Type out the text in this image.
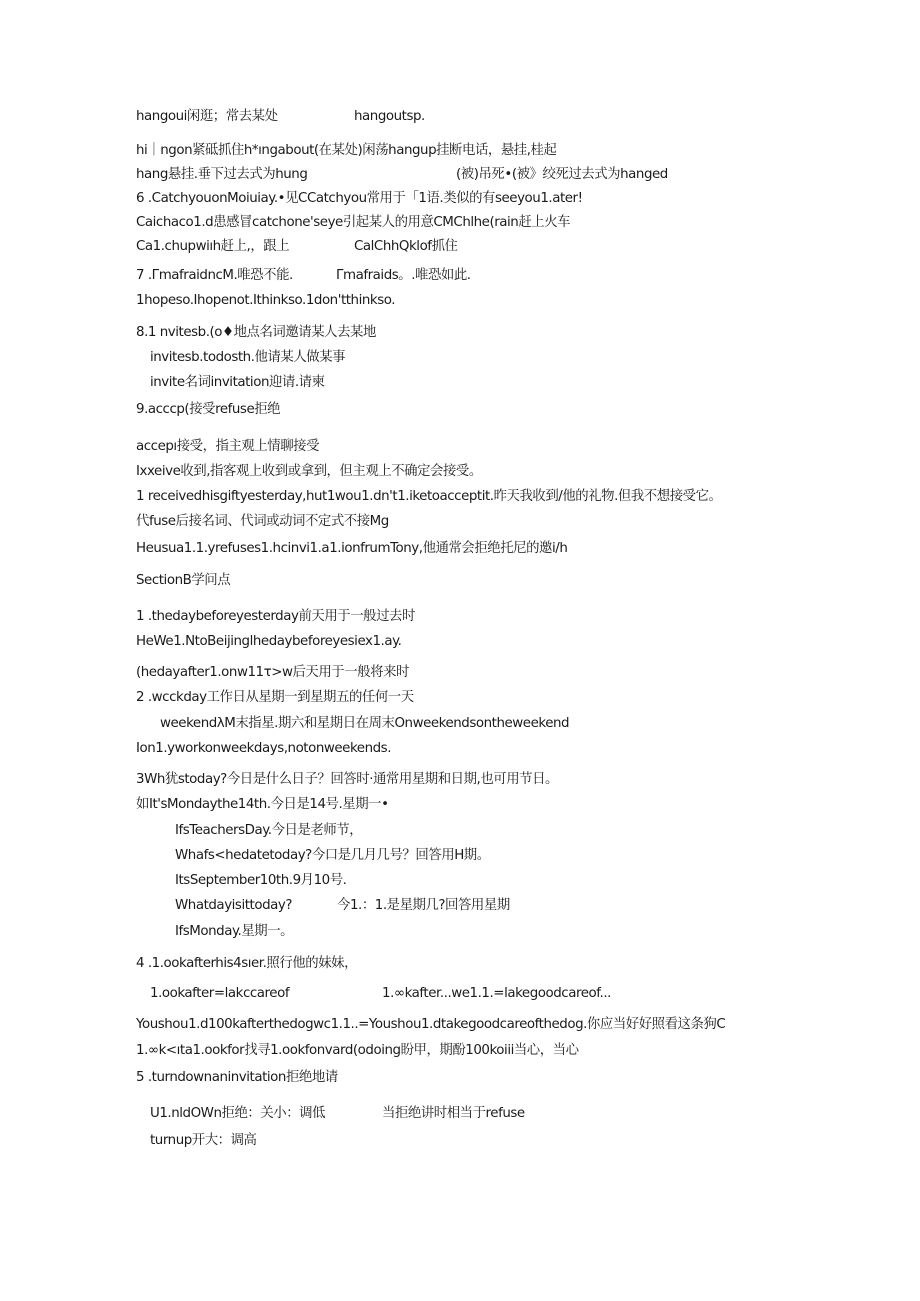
hangoui闲逛；常去某处	hangoutsp.
hi｜ngon紧砥抓住h*ıngabout(在某处)闲荡hangup挂断电话，悬挂,桂起
hang悬挂.垂下过去式为hung	(被)吊死•(被》绞死过去式为hanged
6 .CatchyouonMoiuiay.•见CCatchyou常用于「1语.类似的有seeyou1.ater!
Caichaco1.d患感冒catchone'seye引起某人的用意CMChlhe(rain赶上火车
Ca1.chupwiıh赶上,，跟上	CalChhQklof抓住
7 .ΓmafraidncM.唯恐不能.	Γmafraids。.唯恐如此.
1hopeso.Ihopenot.Ithinkso.1don'tthinkso.
8.1 nvitesb.(o♦地点名词邀请某人去某地
invitesb.todosth.他请某人做某事
invite名词invitation迎请.请柬
9.acccp(接受refuse拒绝
accepı接受，指主观上情聊接受
Ixxeive收到,指客观上收到或拿到，但主观上不确定会接受。
1 receivedhisgiftyesterday,hut1wou1.dn't1.iketoacceptit.昨天我收到/他的礼物.但我不想接受它。
代fuse后接名词、代词或动词不定式不接Mg
Heusua1.1.yrefuses1.hcinvi1.a1.ionfrumTony,他通常会拒绝托尼的邀i/h
SectionB学问点
1 .thedaybeforeyesterday前天用于一般过去时
HeWe1.NtoBeijinglhedaybeforeyesiex1.ay.
(hedayafter1.onw11τ>w后天用于一般将来时
2 .wcckday工作日从星期一到星期五的任何一天
weekendλM末指星.期六和星期日在周末Onweekendsontheweekend
Ion1.yworkonweekdays,notonweekends.
3Wh犹stoday?今日是什么日子？回答时·通常用星期和日期,也可用节日。
如It'sMondaythe14th.今日是14号.星期一•
IfsTeachersDay.今日是老师节，
Whafs<hedatetoday?今口是几月几号？回答用H期。
ItsSeptember10th.9月10号.
Whatdayisittoday?	今1.：1.是星期几?回答用星期
IfsMonday.星期一。
4 .1.ookafterhis4sıer.照行他的妹妹，
1.ookafter=lakccareof	1.∞kafter...we1.1.=lakegoodcareof...
Youshou1.d100kafterthedogwc1.1..=Youshou1.dtakegoodcareofthedog.你应当好好照看这条狗C
1.∞k<ıta1.ookfor找寻1.ookfonvard(odoing盼甲，期酚100koiii当心，当心
5 .turndownaninvitation拒绝地请
U1.nldOWn拒绝：关小：调低	当拒绝讲时相当于refuse
turnup开大：调高
